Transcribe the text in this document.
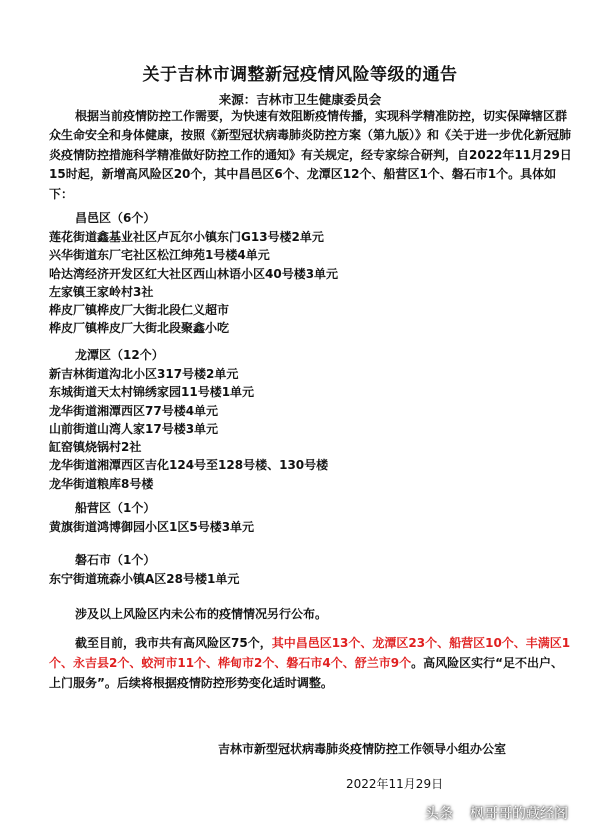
关于吉林市调整新冠疫情风险等级的通告
来源：吉林市卫生健康委员会
根据当前疫情防控工作需要，为快速有效阻断疫情传播，实现科学精准防控，切实保障辖区群众生命安全和身体健康，按照《新型冠状病毒肺炎防控方案（第九版）》和《关于进一步优化新冠肺炎疫情防控措施科学精准做好防控工作的通知》有关规定，经专家综合研判，自2022年11月29日15时起，新增高风险区20个，其中昌邑区6个、龙潭区12个、船营区1个、磐石市1个。具体如下：
昌邑区（6个）
莲花街道鑫基业社区卢瓦尔小镇东门G13号楼2单元
兴华街道东厂宅社区松江绅苑1号楼4单元
哈达湾经济开发区红大社区西山林语小区40号楼3单元
左家镇王家岭村3社
桦皮厂镇桦皮厂大街北段仁义超市
桦皮厂镇桦皮厂大街北段聚鑫小吃
龙潭区（12个）
新吉林街道沟北小区317号楼2单元
东城街道天太村锦绣家园11号楼1单元
龙华街道湘潭西区77号楼4单元
山前街道山湾人家17号楼3单元
缸窑镇烧锅村2社
龙华街道湘潭西区吉化124号至128号楼、130号楼
龙华街道粮库8号楼
船营区（1个）
黄旗街道鸿博御园小区1区5号楼3单元
磐石市（1个）
东宁街道琉森小镇A区28号楼1单元
涉及以上风险区内未公布的疫情情况另行公布。
截至目前，我市共有高风险区75个，其中昌邑区13个、龙潭区23个、船营区10个、丰满区1个、永吉县2个、蛟河市11个、桦甸市2个、磐石市4个、舒兰市9个。高风险区实行“足不出户、上门服务”。后续将根据疫情防控形势变化适时调整。
吉林市新型冠状病毒肺炎疫情防控工作领导小组办公室
2022年11月29日
头条 枫哥哥的藏经阁
